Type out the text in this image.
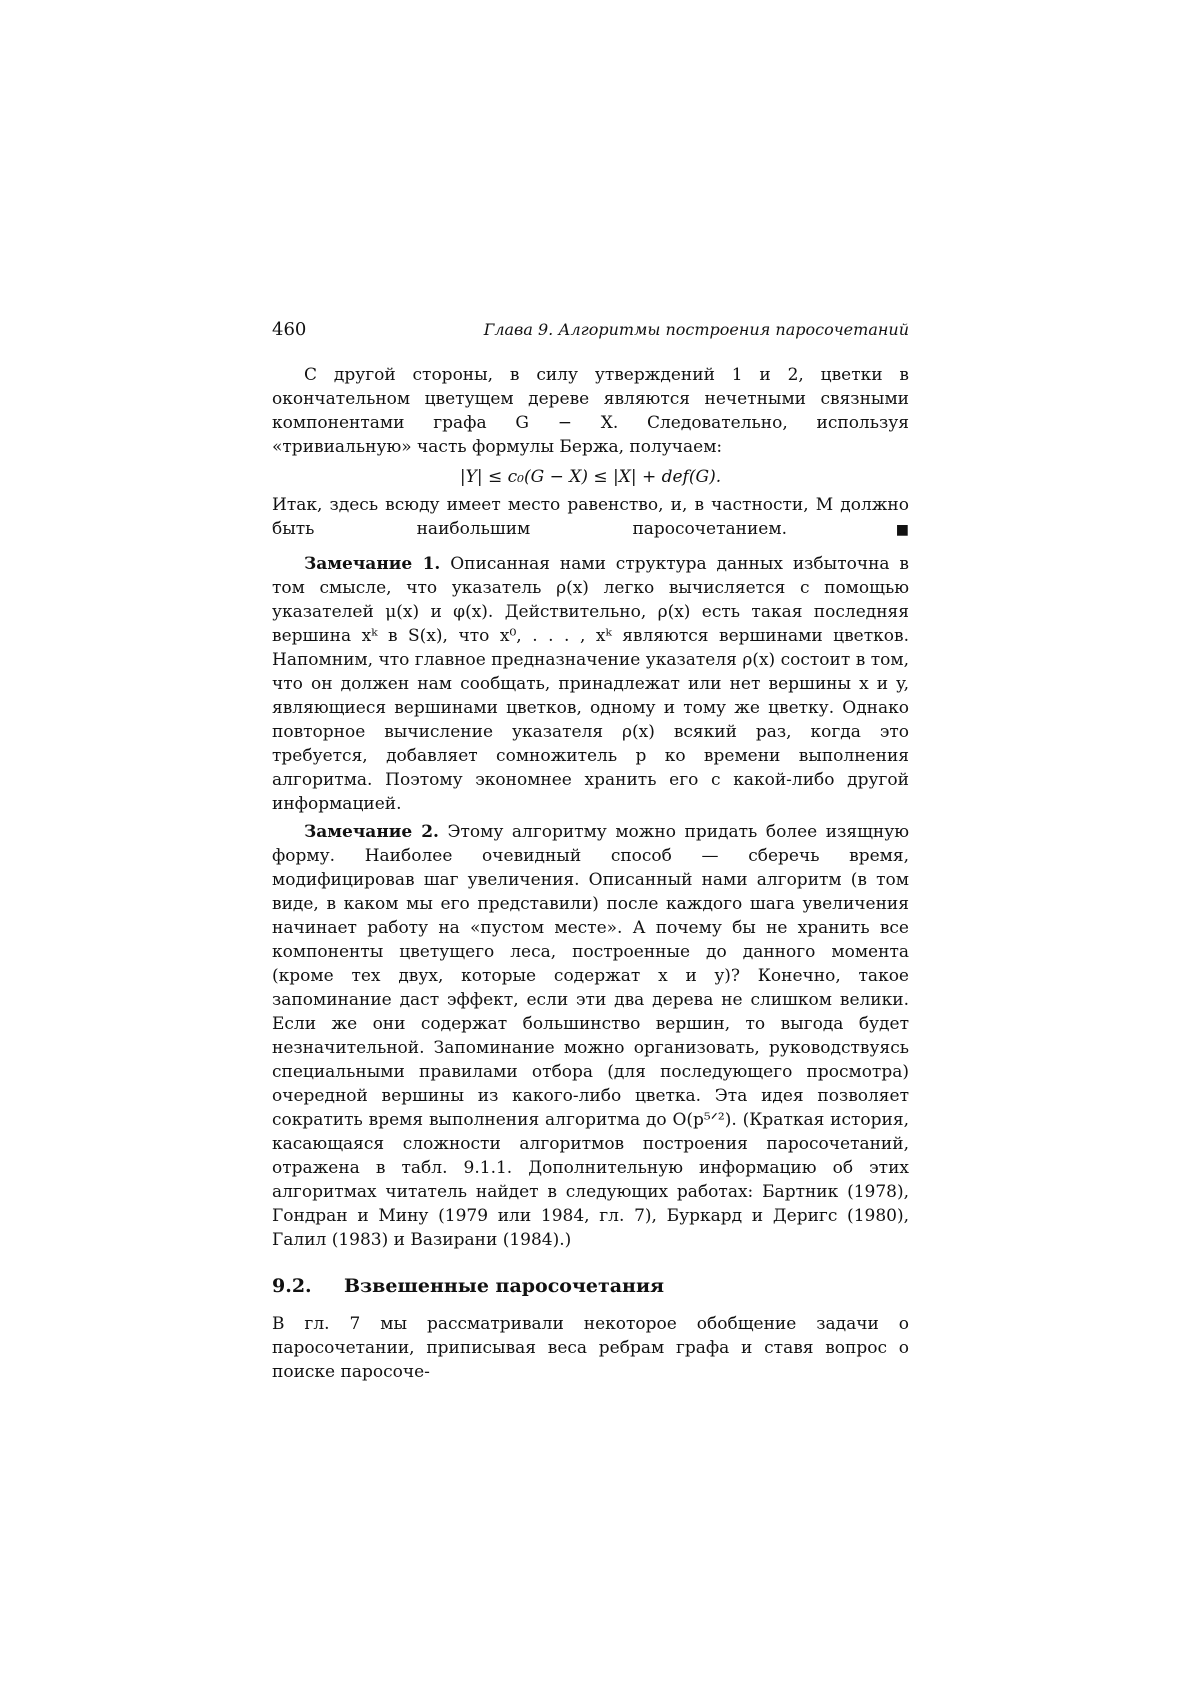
460	Глава 9. Алгоритмы построения паросочетаний

С другой стороны, в силу утверждений 1 и 2, цветки в окончательном цветущем дереве являются нечетными связными компонентами графа G − X. Следовательно, используя «тривиальную» часть формулы Бержа, получаем:

|Y| ≤ c₀(G − X) ≤ |X| + def(G).

Итак, здесь всюду имеет место равенство, и, в частности, M должно быть наибольшим паросочетанием. ■

Замечание 1. Описанная нами структура данных избыточна в том смысле, что указатель ρ(x) легко вычисляется с помощью указателей μ(x) и φ(x). Действительно, ρ(x) есть такая последняя вершина xᵏ в S(x), что x⁰, . . . , xᵏ являются вершинами цветков. Напомним, что главное предназначение указателя ρ(x) состоит в том, что он должен нам сообщать, принадлежат или нет вершины x и y, являющиеся вершинами цветков, одному и тому же цветку. Однако повторное вычисление указателя ρ(x) всякий раз, когда это требуется, добавляет сомножитель p ко времени выполнения алгоритма. Поэтому экономнее хранить его с какой-либо другой информацией.

Замечание 2. Этому алгоритму можно придать более изящную форму. Наиболее очевидный способ — сберечь время, модифицировав шаг увеличения. Описанный нами алгоритм (в том виде, в каком мы его представили) после каждого шага увеличения начинает работу на «пустом месте». А почему бы не хранить все компоненты цветущего леса, построенные до данного момента (кроме тех двух, которые содержат x и y)? Конечно, такое запоминание даст эффект, если эти два дерева не слишком велики. Если же они содержат большинство вершин, то выгода будет незначительной. Запоминание можно организовать, руководствуясь специальными правилами отбора (для последующего просмотра) очередной вершины из какого-либо цветка. Эта идея позволяет сократить время выполнения алгоритма до O(p⁵ᐟ²). (Краткая история, касающаяся сложности алгоритмов построения паросочетаний, отражена в табл. 9.1.1. Дополнительную информацию об этих алгоритмах читатель найдет в следующих работах: Бартник (1978), Гондран и Мину (1979 или 1984, гл. 7), Буркард и Деригс (1980), Галил (1983) и Вазирани (1984).)

9.2.	Взвешенные паросочетания

В гл. 7 мы рассматривали некоторое обобщение задачи о паросочетании, приписывая веса ребрам графа и ставя вопрос о поиске паросоче-
